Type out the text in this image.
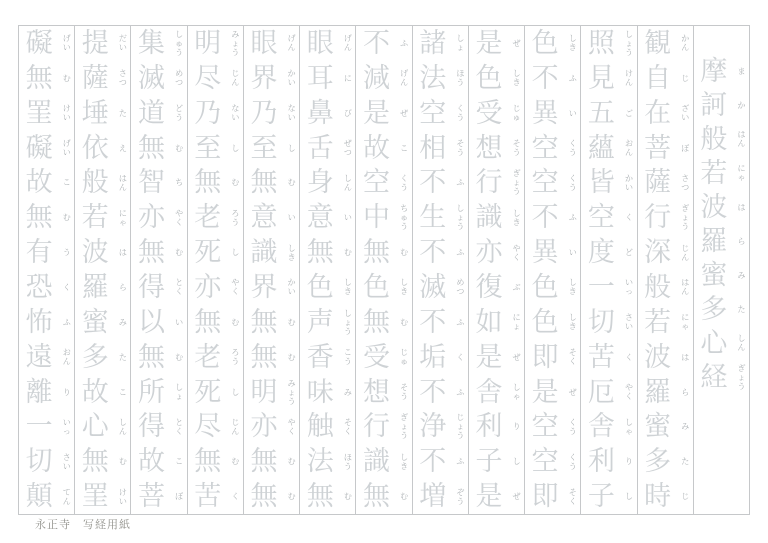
摩
訶
般
若
波
羅
蜜
多
心
経
ま
か
はん
にゃ
は
ら
み
た
しん
ぎょう
観
自
在
菩
薩
行
深
般
若
波
羅
蜜
多
時
かん
じ
ざい
ぼ
さつ
ぎょう
じん
はん
にゃ
は
ら
み
た
じ
照
見
五
蘊
皆
空
度
一
切
苦
厄
舎
利
子
しょう
けん
ご
おん
かい
く
ど
いっ
さい
く
やく
しゃ
り
し
色
不
異
空
空
不
異
色
色
即
是
空
空
即
しき
ふ
い
くう
くう
ふ
い
しき
しき
そく
ぜ
くう
くう
そく
是
色
受
想
行
識
亦
復
如
是
舎
利
子
是
ぜ
しき
じゅ
そう
ぎょう
しき
やく
ぶ
にょ
ぜ
しゃ
り
し
ぜ
諸
法
空
相
不
生
不
滅
不
垢
不
浄
不
増
しょ
ほう
くう
そう
ふ
しょう
ふ
めつ
ふ
く
ふ
じょう
ふ
ぞう
不
減
是
故
空
中
無
色
無
受
想
行
識
無
ふ
げん
ぜ
こ
くう
ちゅう
む
しき
む
じゅ
そう
ぎょう
しき
む
眼
耳
鼻
舌
身
意
無
色
声
香
味
触
法
無
げん
に
び
ぜつ
しん
い
む
しき
しょう
こう
み
そく
ほう
む
眼
界
乃
至
無
意
識
界
無
無
明
亦
無
無
げん
かい
ない
し
む
い
しき
かい
む
む
みょう
やく
む
む
明
尽
乃
至
無
老
死
亦
無
老
死
尽
無
苦
みょう
じん
ない
し
む
ろう
し
やく
む
ろう
し
じん
む
く
集
滅
道
無
智
亦
無
得
以
無
所
得
故
菩
しゅう
めつ
どう
む
ち
やく
む
とく
い
む
しょ
とく
こ
ぼ
提
薩
埵
依
般
若
波
羅
蜜
多
故
心
無
罣
だい
さつ
た
え
はん
にゃ
は
ら
み
た
こ
しん
む
けい
礙
無
罣
礙
故
無
有
恐
怖
遠
離
一
切
顛
げい
む
けい
げい
こ
む
う
く
ふ
おん
り
いっ
さい
てん
永正寺 写経用紙
